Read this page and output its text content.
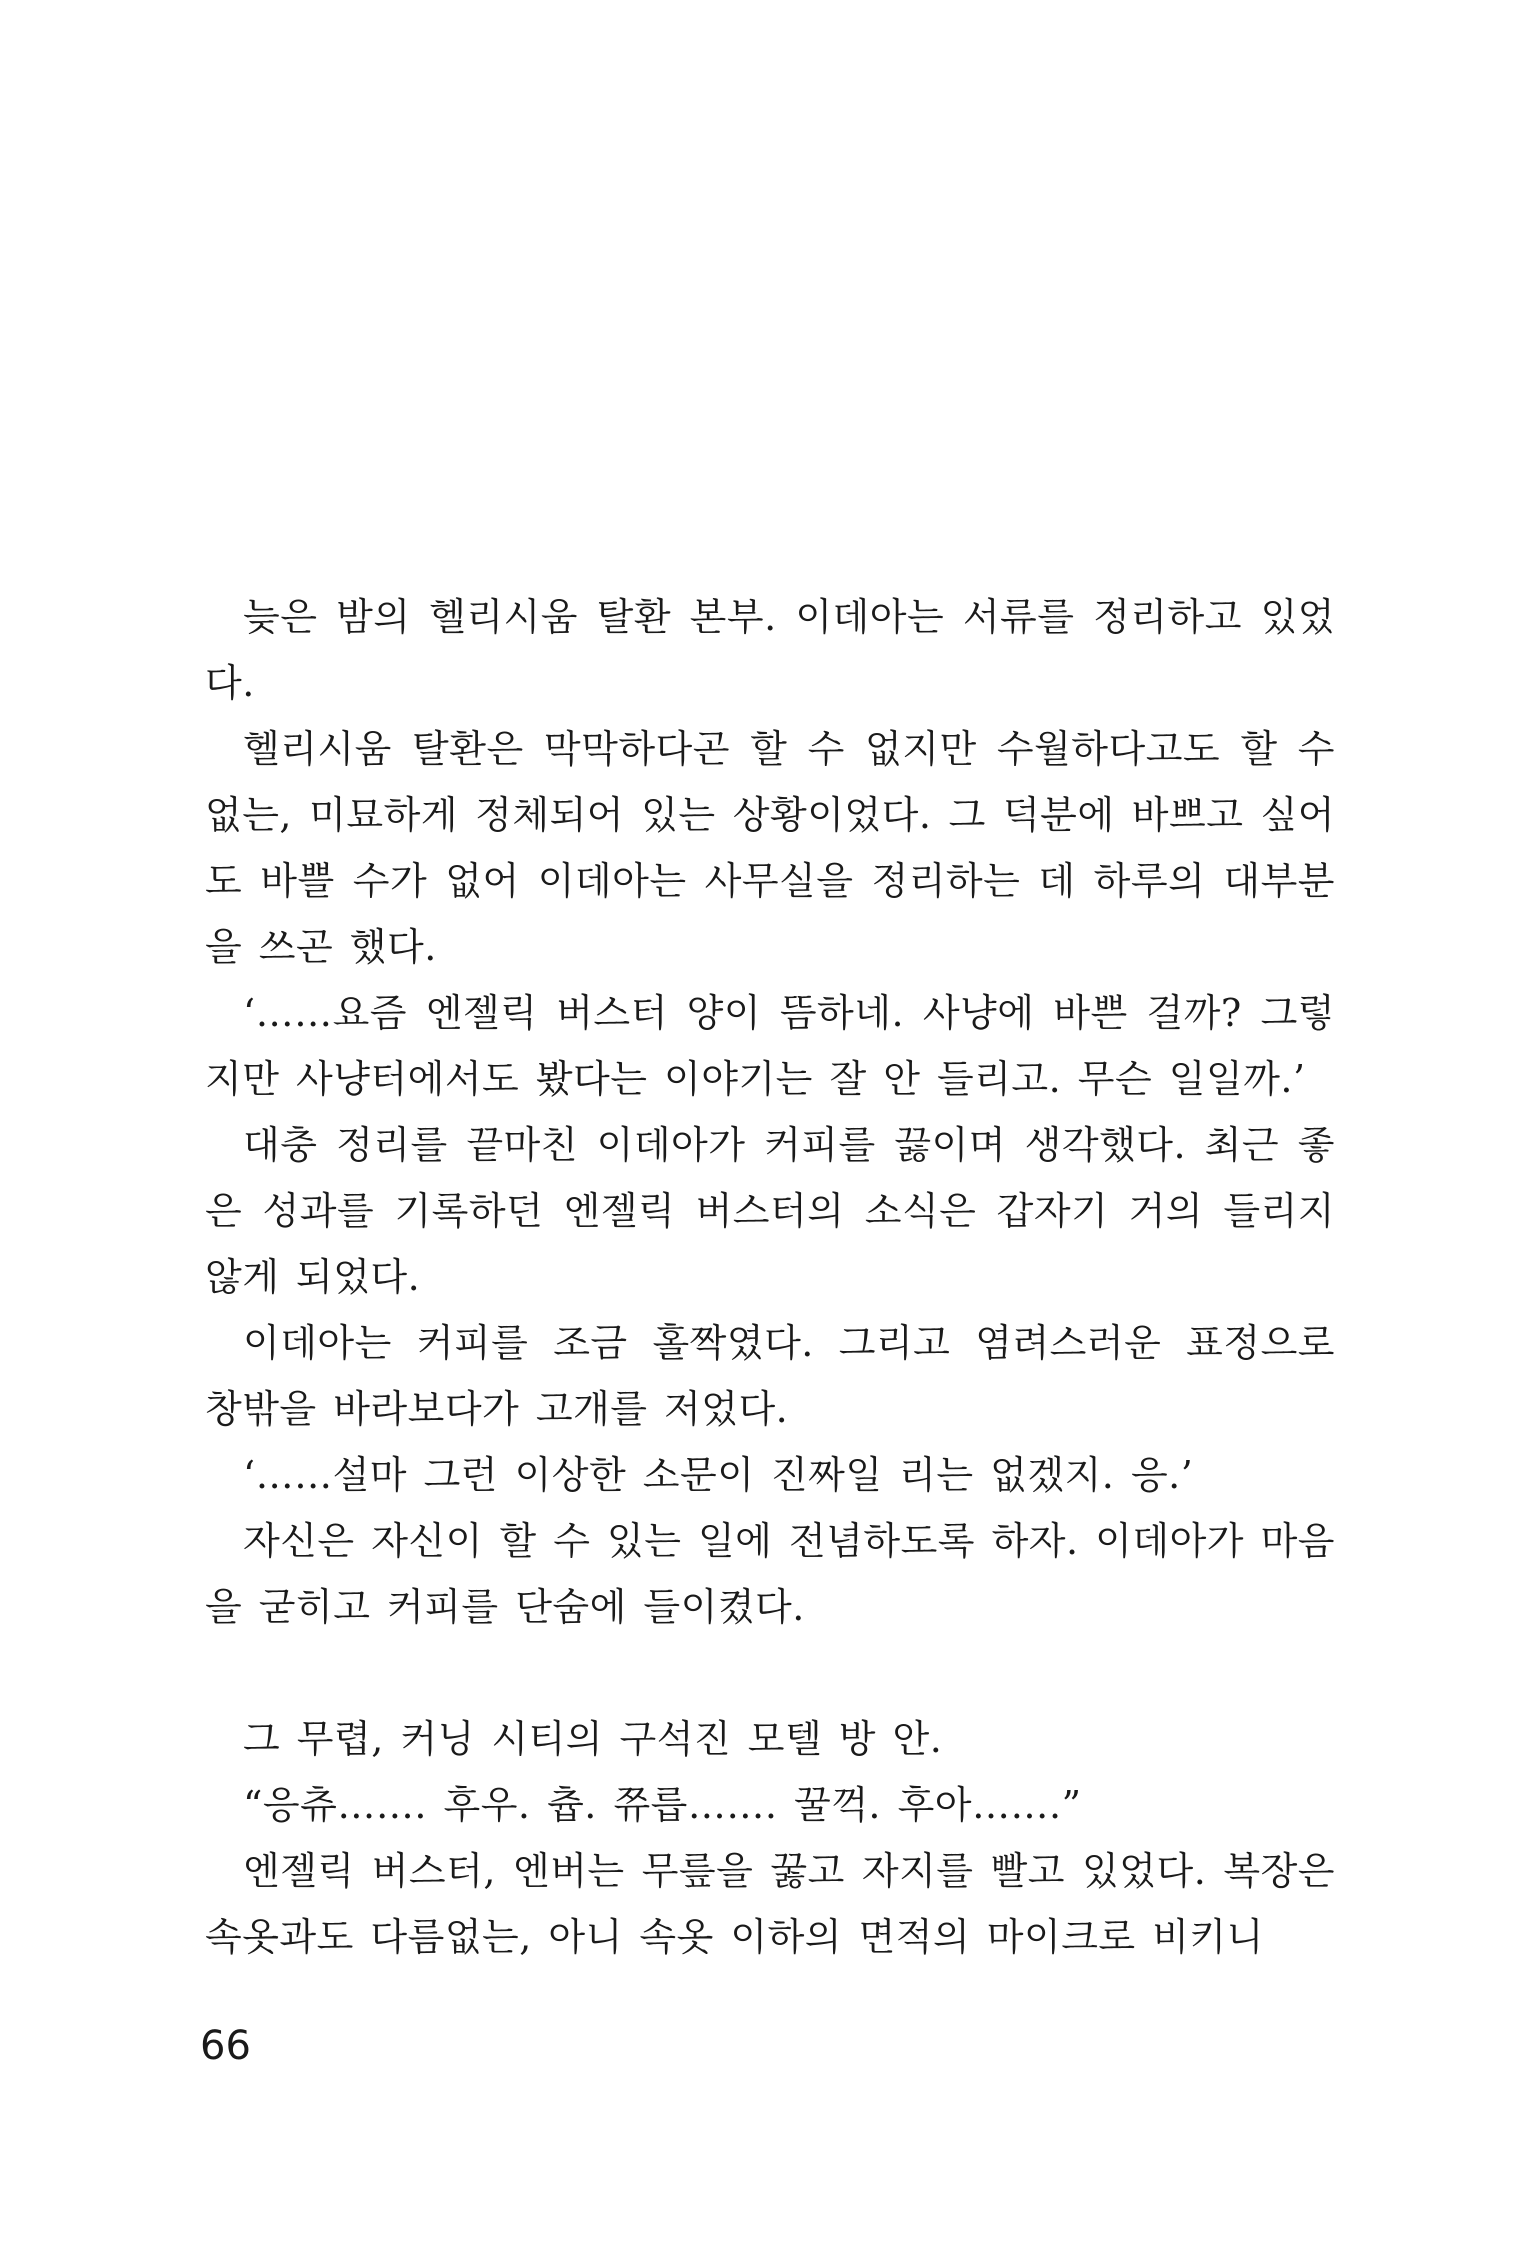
늦은 밤의 헬리시움 탈환 본부. 이데아는 서류를 정리하고 있었다.

헬리시움 탈환은 막막하다곤 할 수 없지만 수월하다고도 할 수 없는, 미묘하게 정체되어 있는 상황이었다. 그 덕분에 바쁘고 싶어도 바쁠 수가 없어 이데아는 사무실을 정리하는 데 하루의 대부분을 쓰곤 했다.

‘……요즘 엔젤릭 버스터 양이 뜸하네. 사냥에 바쁜 걸까? 그렇지만 사냥터에서도 봤다는 이야기는 잘 안 들리고. 무슨 일일까.’

대충 정리를 끝마친 이데아가 커피를 끓이며 생각했다. 최근 좋은 성과를 기록하던 엔젤릭 버스터의 소식은 갑자기 거의 들리지 않게 되었다.

이데아는 커피를 조금 홀짝였다. 그리고 염려스러운 표정으로 창밖을 바라보다가 고개를 저었다.

‘……설마 그런 이상한 소문이 진짜일 리는 없겠지. 응.’

자신은 자신이 할 수 있는 일에 전념하도록 하자. 이데아가 마음을 굳히고 커피를 단숨에 들이켰다.

그 무렵, 커닝 시티의 구석진 모텔 방 안.

“응츄……. 후우. 츕. 쮸릅……. 꿀꺽. 후아…….”

엔젤릭 버스터, 엔버는 무릎을 꿇고 자지를 빨고 있었다. 복장은 속옷과도 다름없는, 아니 속옷 이하의 면적의 마이크로 비키니

66
